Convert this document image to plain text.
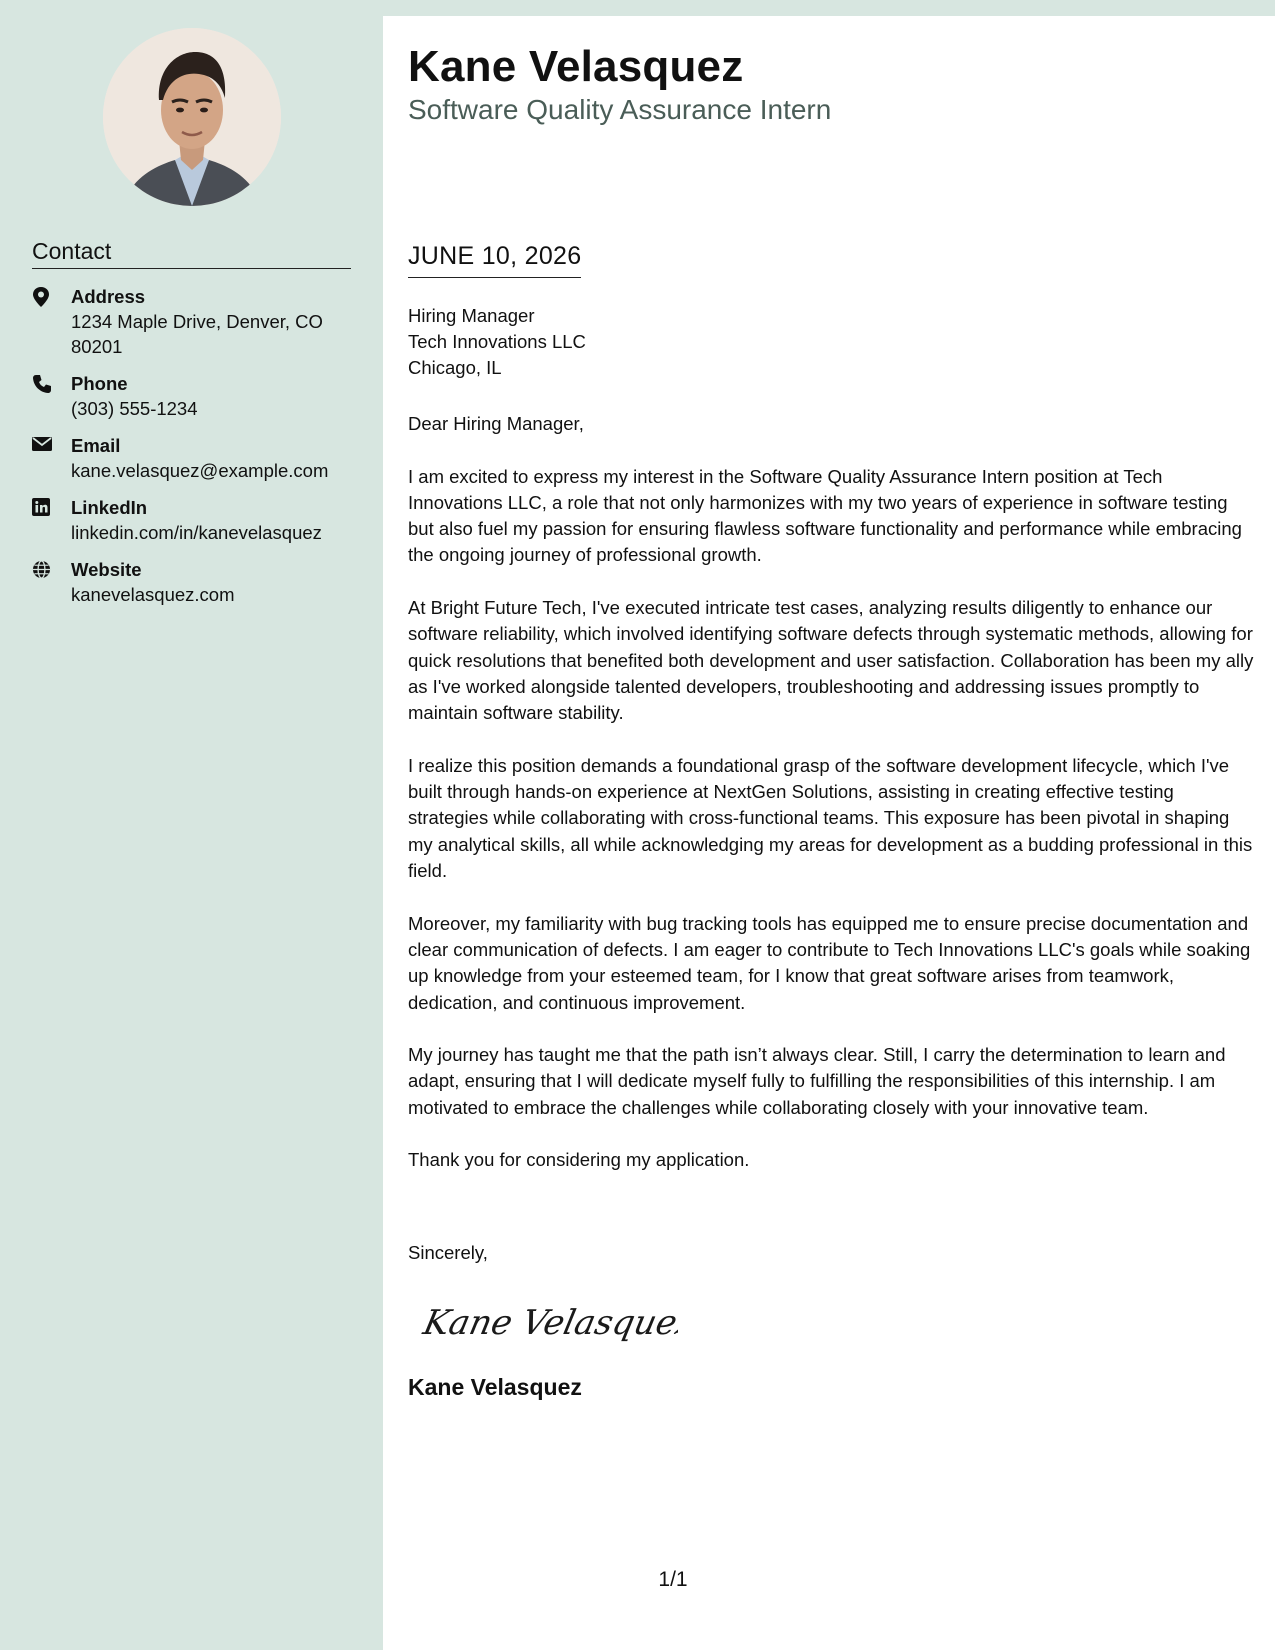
Contact
Address
1234 Maple Drive, Denver, CO 80201
Phone
(303) 555-1234
Email
kane.velasquez@example.com
LinkedIn
linkedin.com/in/kanevelasquez
Website
kanevelasquez.com
Kane Velasquez
Software Quality Assurance Intern
JUNE 10, 2026
Hiring Manager
Tech Innovations LLC
Chicago, IL

Dear Hiring Manager,

I am excited to express my interest in the Software Quality Assurance Intern position at Tech Innovations LLC, a role that not only harmonizes with my two years of experience in software testing but also fuel my passion for ensuring flawless software functionality and performance while embracing the ongoing journey of professional growth.

At Bright Future Tech, I've executed intricate test cases, analyzing results diligently to enhance our software reliability, which involved identifying software defects through systematic methods, allowing for quick resolutions that benefited both development and user satisfaction. Collaboration has been my ally as I've worked alongside talented developers, troubleshooting and addressing issues promptly to maintain software stability.

I realize this position demands a foundational grasp of the software development lifecycle, which I've built through hands-on experience at NextGen Solutions, assisting in creating effective testing strategies while collaborating with cross-functional teams. This exposure has been pivotal in shaping my analytical skills, all while acknowledging my areas for development as a budding professional in this field.

Moreover, my familiarity with bug tracking tools has equipped me to ensure precise documentation and clear communication of defects. I am eager to contribute to Tech Innovations LLC's goals while soaking up knowledge from your esteemed team, for I know that great software arises from teamwork, dedication, and continuous improvement.

My journey has taught me that the path isn’t always clear. Still, I carry the determination to learn and adapt, ensuring that I will dedicate myself fully to fulfilling the responsibilities of this internship. I am motivated to embrace the challenges while collaborating closely with your innovative team.

Thank you for considering my application.

Sincerely,
Kane Velasquez
Kane Velasquez
1/1
